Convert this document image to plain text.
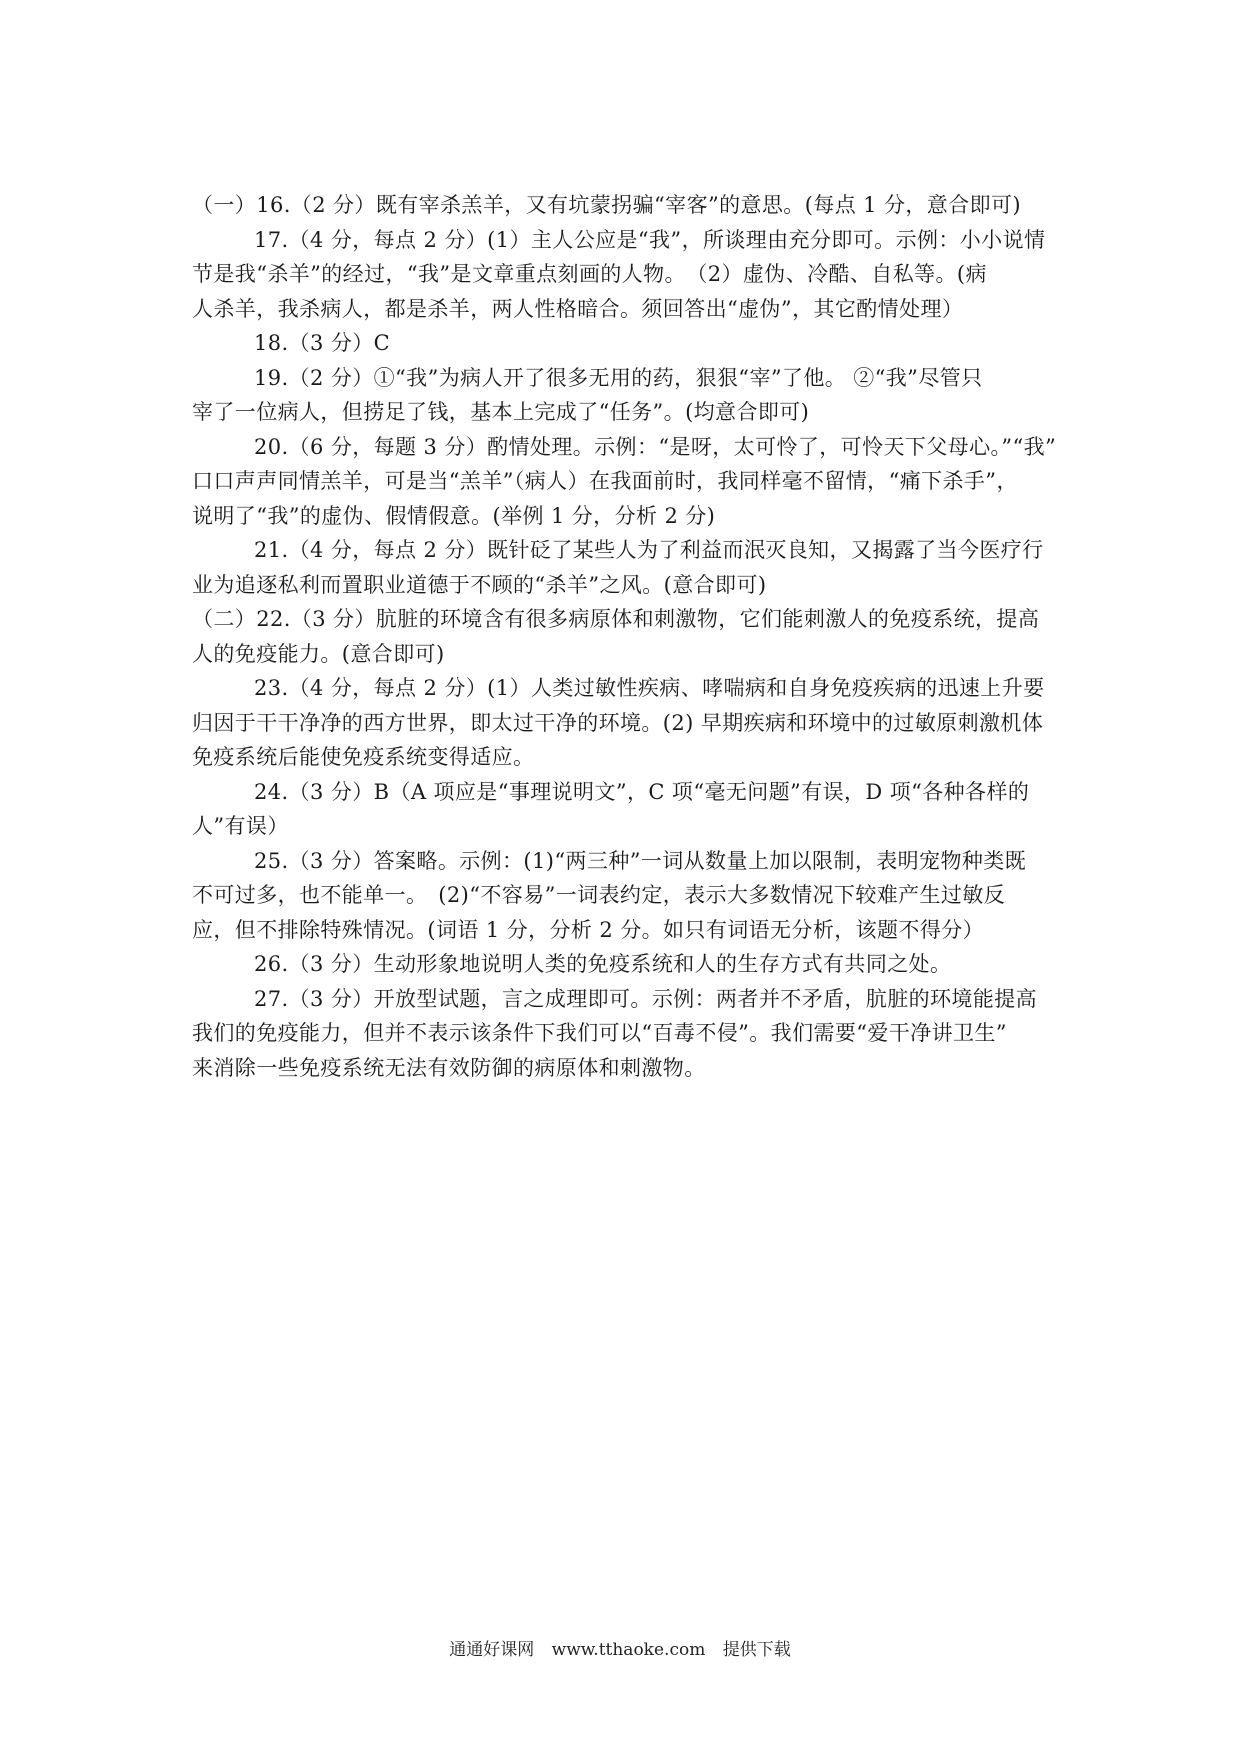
（一）16.（2 分）既有宰杀羔羊，又有坑蒙拐骗“宰客”的意思。(每点 1 分，意合即可)
17.（4 分，每点 2 分）(1）主人公应是“我”，所谈理由充分即可。示例：小小说情
节是我“杀羊”的经过，“我”是文章重点刻画的人物。　（2）虚伪、冷酷、自私等。(病
人杀羊，我杀病人，都是杀羊，两人性格暗合。须回答出“虚伪”，其它酌情处理）
18.（3 分）C
19.（2 分）①“我”为病人开了很多无用的药，狠狠“宰”了他。 ②“我”尽管只
宰了一位病人，但捞足了钱，基本上完成了“任务”。(均意合即可)
20.（6 分，每题 3 分）酌情处理。示例：“是呀，太可怜了，可怜天下父母心。”“我”
口口声声同情羔羊，可是当“羔羊”（病人）在我面前时，我同样毫不留情，“痛下杀手”，
说明了“我”的虚伪、假情假意。(举例 1 分，分析 2 分)
21.（4 分，每点 2 分）既针砭了某些人为了利益而泯灭良知，又揭露了当今医疗行
业为追逐私利而置职业道德于不顾的“杀羊”之风。(意合即可)
（二）22.（3 分）肮脏的环境含有很多病原体和刺激物，它们能刺激人的免疫系统，提高
人的免疫能力。(意合即可)
23.（4 分，每点 2 分）(1）人类过敏性疾病、哮喘病和自身免疫疾病的迅速上升要
归因于干干净净的西方世界，即太过干净的环境。(2) 早期疾病和环境中的过敏原刺激机体
免疫系统后能使免疫系统变得适应。
24.（3 分）B（A 项应是“事理说明文”，C 项“毫无问题”有误，D 项“各种各样的
人”有误）
25.（3 分）答案略。示例：(1)“两三种”一词从数量上加以限制，表明宠物种类既
不可过多，也不能单一。　(2)“不容易”一词表约定，表示大多数情况下较难产生过敏反
应，但不排除特殊情况。(词语 1 分，分析 2 分。如只有词语无分析，该题不得分）
26.（3 分）生动形象地说明人类的免疫系统和人的生存方式有共同之处。
27.（3 分）开放型试题，言之成理即可。示例：两者并不矛盾，肮脏的环境能提高
我们的免疫能力，但并不表示该条件下我们可以“百毒不侵”。我们需要“爱干净讲卫生”
来消除一些免疫系统无法有效防御的病原体和刺激物。
通通好课网 www.tthaoke.com 提供下载
